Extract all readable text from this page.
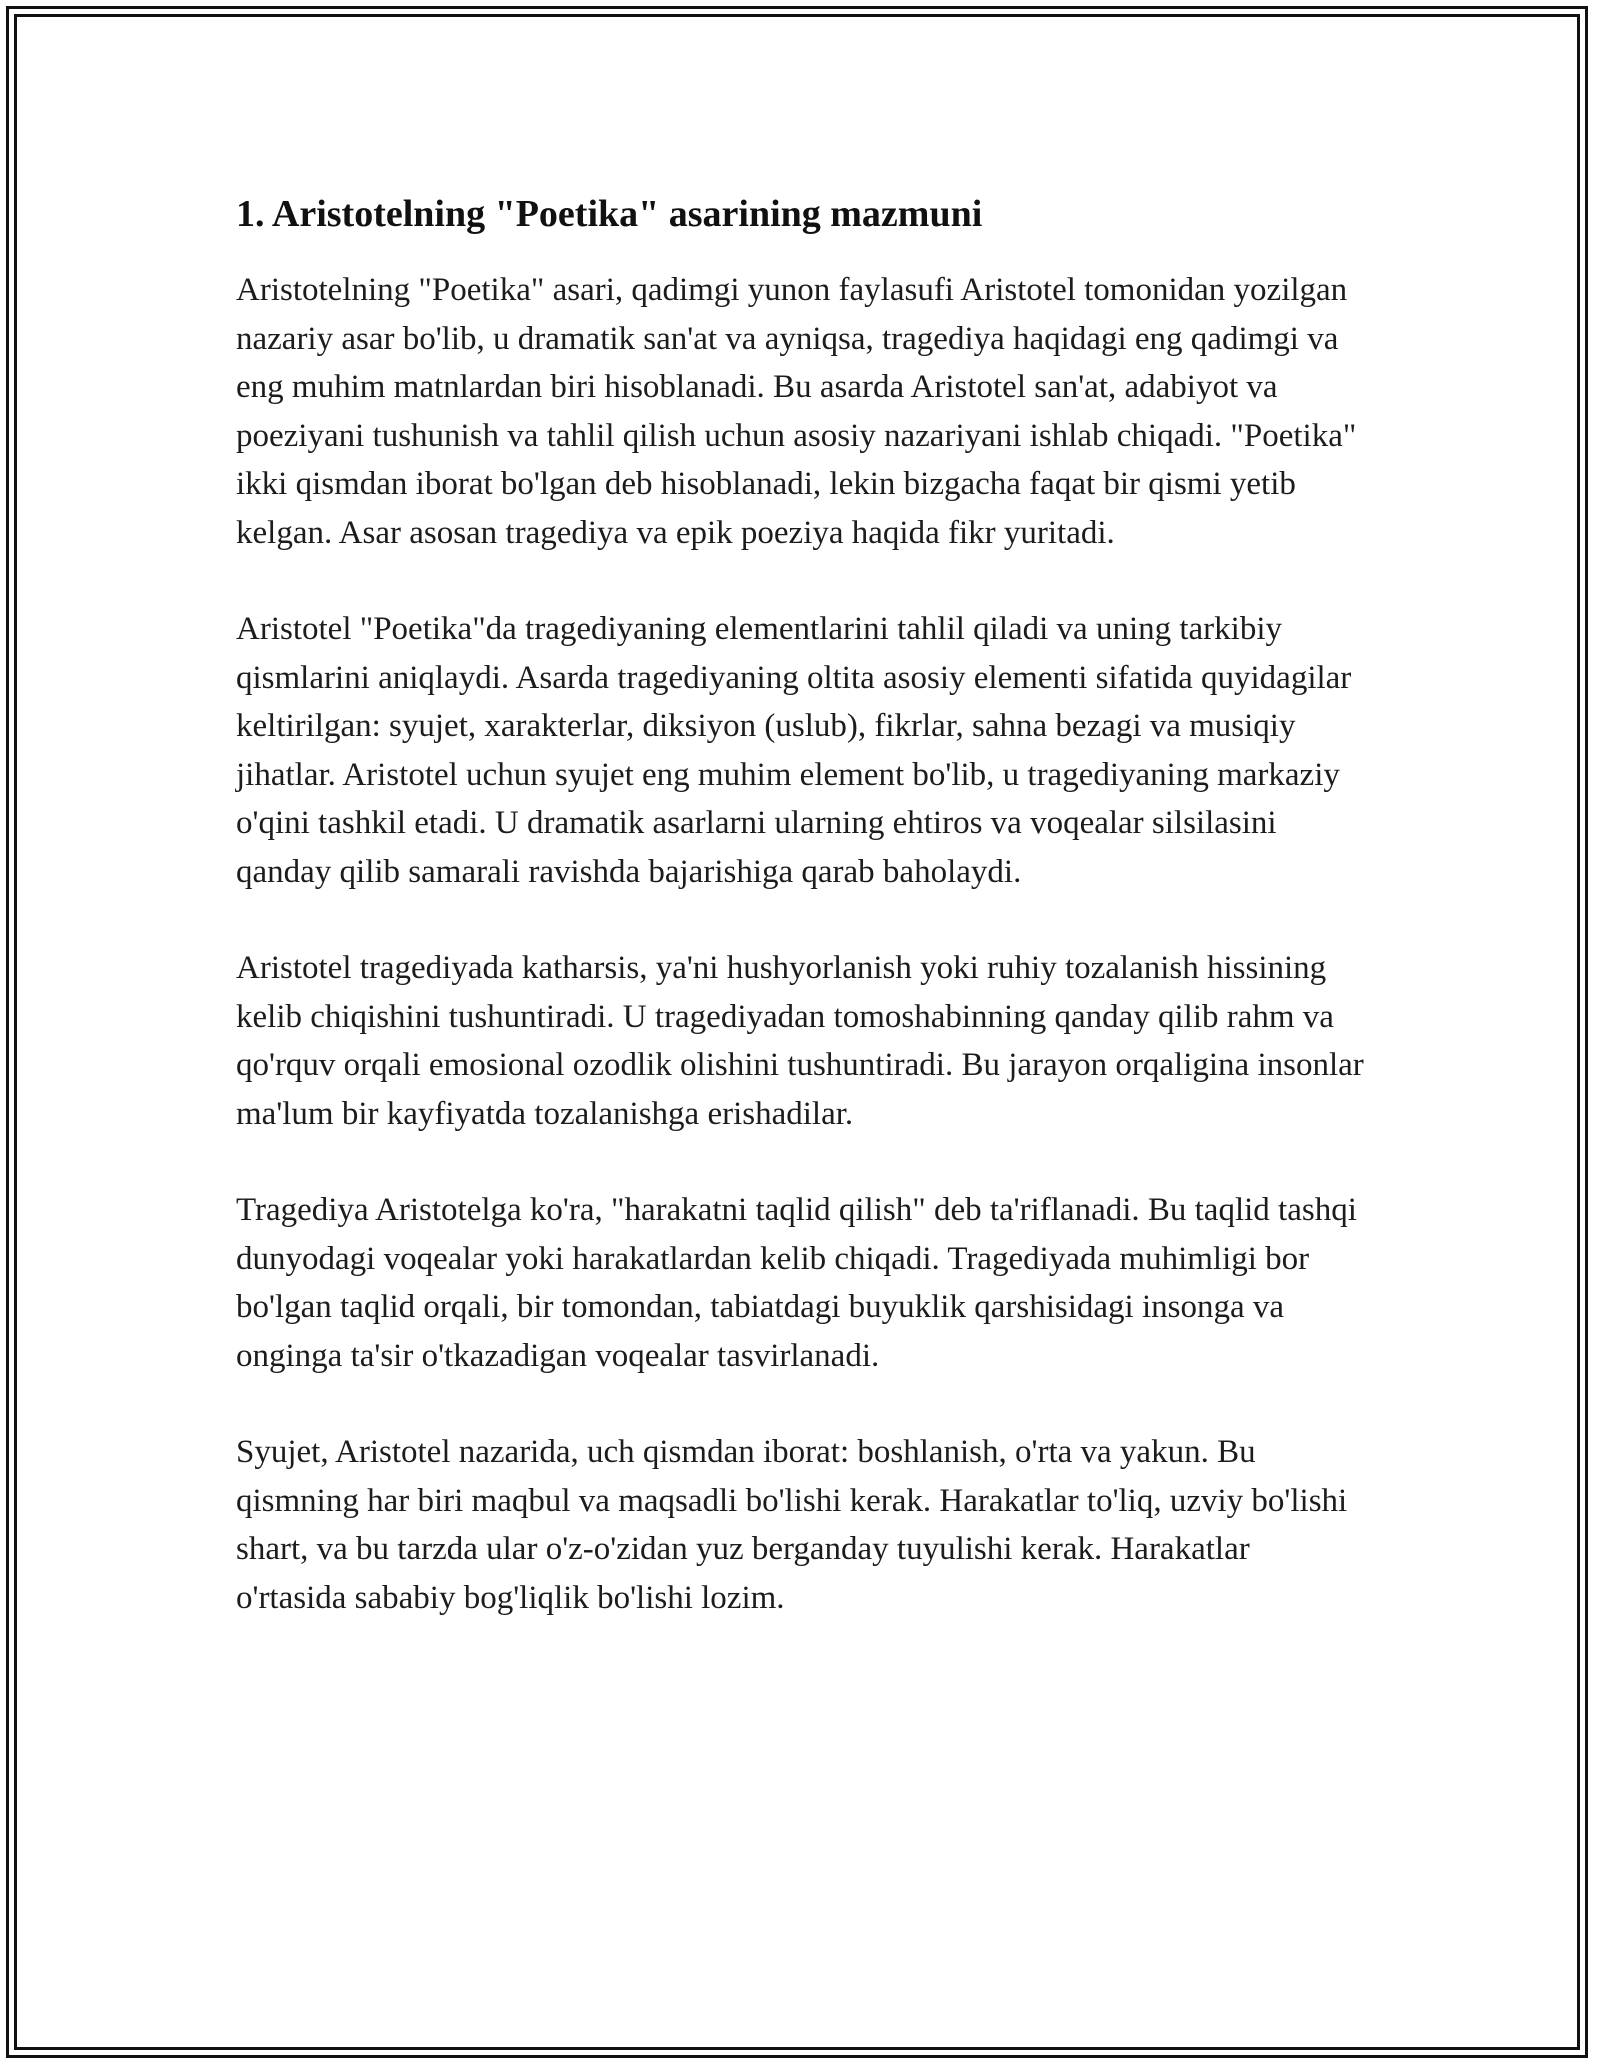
1. Aristotelning "Poetika" asarining mazmuni

Aristotelning "Poetika" asari, qadimgi yunon faylasufi Aristotel tomonidan yozilgan nazariy asar bo'lib, u dramatik san'at va ayniqsa, tragediya haqidagi eng qadimgi va eng muhim matnlardan biri hisoblanadi. Bu asarda Aristotel san'at, adabiyot va poeziyani tushunish va tahlil qilish uchun asosiy nazariyani ishlab chiqadi. "Poetika" ikki qismdan iborat bo'lgan deb hisoblanadi, lekin bizgacha faqat bir qismi yetib kelgan. Asar asosan tragediya va epik poeziya haqida fikr yuritadi.

Aristotel "Poetika"da tragediyaning elementlarini tahlil qiladi va uning tarkibiy qismlarini aniqlaydi. Asarda tragediyaning oltita asosiy elementi sifatida quyidagilar keltirilgan: syujet, xarakterlar, diksiyon (uslub), fikrlar, sahna bezagi va musiqiy jihatlar. Aristotel uchun syujet eng muhim element bo'lib, u tragediyaning markaziy o'qini tashkil etadi. U dramatik asarlarni ularning ehtiros va voqealar silsilasini qanday qilib samarali ravishda bajarishiga qarab baholaydi.

Aristotel tragediyada katharsis, ya'ni hushyorlanish yoki ruhiy tozalanish hissining kelib chiqishini tushuntiradi. U tragediyadan tomoshabinning qanday qilib rahm va qo'rquv orqali emosional ozodlik olishini tushuntiradi. Bu jarayon orqaligina insonlar ma'lum bir kayfiyatda tozalanishga erishadilar.

Tragediya Aristotelga ko'ra, "harakatni taqlid qilish" deb ta'riflanadi. Bu taqlid tashqi dunyodagi voqealar yoki harakatlardan kelib chiqadi. Tragediyada muhimligi bor bo'lgan taqlid orqali, bir tomondan, tabiatdagi buyuklik qarshisidagi insonga va onginga ta'sir o'tkazadigan voqealar tasvirlanadi.

Syujet, Aristotel nazarida, uch qismdan iborat: boshlanish, o'rta va yakun. Bu qismning har biri maqbul va maqsadli bo'lishi kerak. Harakatlar to'liq, uzviy bo'lishi shart, va bu tarzda ular o'z-o'zidan yuz berganday tuyulishi kerak. Harakatlar o'rtasida sababiy bog'liqlik bo'lishi lozim.
